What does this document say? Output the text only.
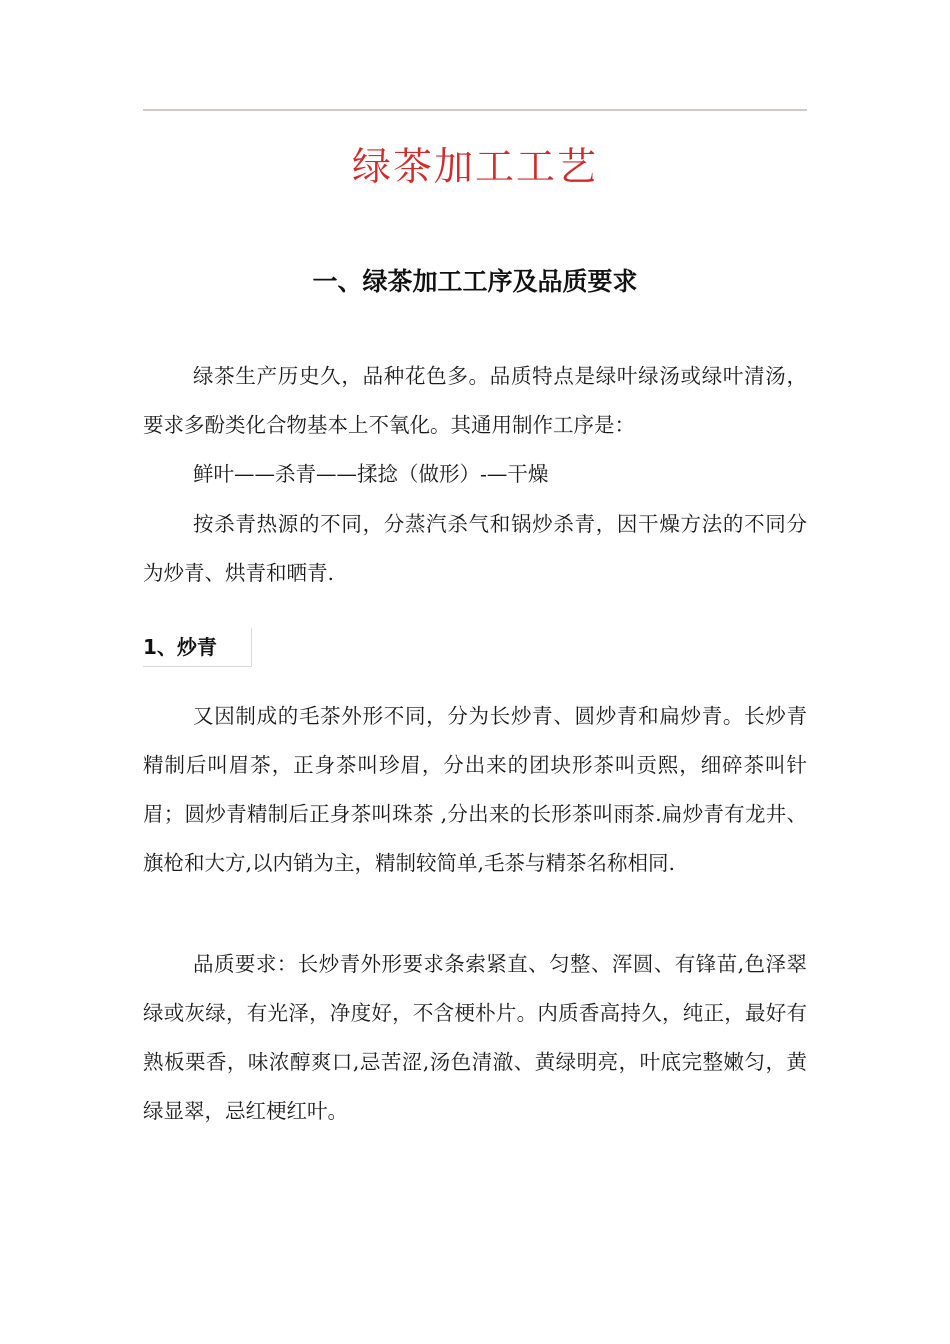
绿茶加工工艺
一、绿茶加工工序及品质要求

绿茶生产历史久，品种花色多。品质特点是绿叶绿汤或绿叶清汤，要求多酚类化合物基本上不氧化。其通用制作工序是：

鲜叶——杀青——揉捻（做形）-—干燥

按杀青热源的不同，分蒸汽杀气和锅炒杀青，因干燥方法的不同分为炒青、烘青和晒青.

1、炒青

又因制成的毛茶外形不同，分为长炒青、圆炒青和扁炒青。长炒青精制后叫眉茶，正身茶叫珍眉，分出来的团块形茶叫贡熙，细碎茶叫针眉；圆炒青精制后正身茶叫珠茶 ,分出来的长形茶叫雨茶.扁炒青有龙井、旗枪和大方,以内销为主，精制较简单,毛茶与精茶名称相同.

品质要求：长炒青外形要求条索紧直、匀整、浑圆、有锋苗,色泽翠绿或灰绿，有光泽，净度好，不含梗朴片。内质香高持久，纯正，最好有熟板栗香，味浓醇爽口,忌苦涩,汤色清澈、黄绿明亮，叶底完整嫩匀，黄绿显翠，忌红梗红叶。
